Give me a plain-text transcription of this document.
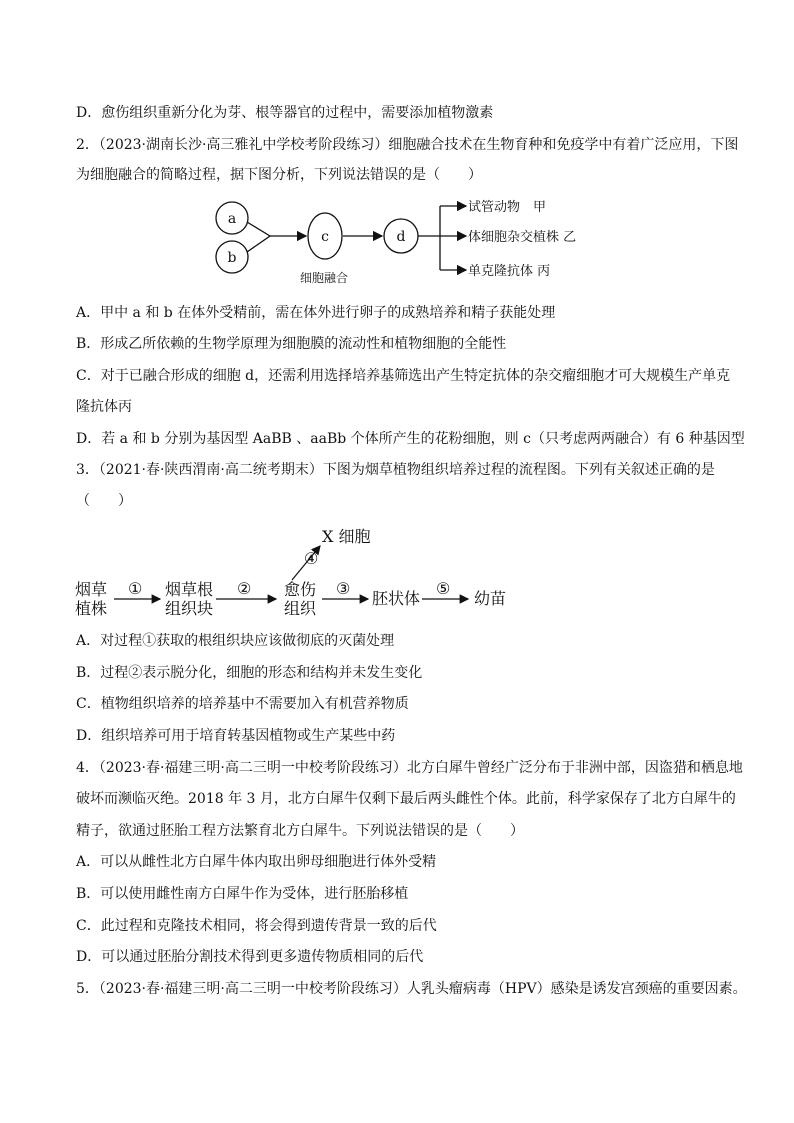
D．愈伤组织重新分化为芽、根等器官的过程中，需要添加植物激素
2．（2023·湖南长沙·高三雅礼中学校考阶段练习）细胞融合技术在生物育种和免疫学中有着广泛应用，下图
为细胞融合的简略过程，据下图分析，下列说法错误的是（　　）
a
b
c
细胞融合
d
试管动物　甲
体细胞杂交植株 乙
单克隆抗体 丙
A．甲中 a 和 b 在体外受精前，需在体外进行卵子的成熟培养和精子获能处理
B．形成乙所依赖的生物学原理为细胞膜的流动性和植物细胞的全能性
C．对于已融合形成的细胞 d，还需利用选择培养基筛选出产生特定抗体的杂交瘤细胞才可大规模生产单克
隆抗体丙
D．若 a 和 b 分别为基因型 AaBB 、aaBb 个体所产生的花粉细胞，则 c（只考虑两两融合）有 6 种基因型
3．（2021·春·陕西渭南·高二统考期末）下图为烟草植物组织培养过程的流程图。下列有关叙述正确的是
（　　）
烟草
植株
① 烟草根
组织块
② 愈伤
组织
③
胚状体
⑤
幼苗
④
X 细胞
A．对过程①获取的根组织块应该做彻底的灭菌处理
B．过程②表示脱分化，细胞的形态和结构并未发生变化
C．植物组织培养的培养基中不需要加入有机营养物质
D．组织培养可用于培育转基因植物或生产某些中药
4．（2023·春·福建三明·高二三明一中校考阶段练习）北方白犀牛曾经广泛分布于非洲中部，因盗猎和栖息地
破坏而濒临灭绝。2018 年 3 月，北方白犀牛仅剩下最后两头雌性个体。此前，科学家保存了北方白犀牛的
精子，欲通过胚胎工程方法繁育北方白犀牛。下列说法错误的是（　　）
A．可以从雌性北方白犀牛体内取出卵母细胞进行体外受精
B．可以使用雌性南方白犀牛作为受体，进行胚胎移植
C．此过程和克隆技术相同，将会得到遗传背景一致的后代
D．可以通过胚胎分割技术得到更多遗传物质相同的后代
5．（2023·春·福建三明·高二三明一中校考阶段练习）人乳头瘤病毒（HPV）感染是诱发宫颈癌的重要因素。
